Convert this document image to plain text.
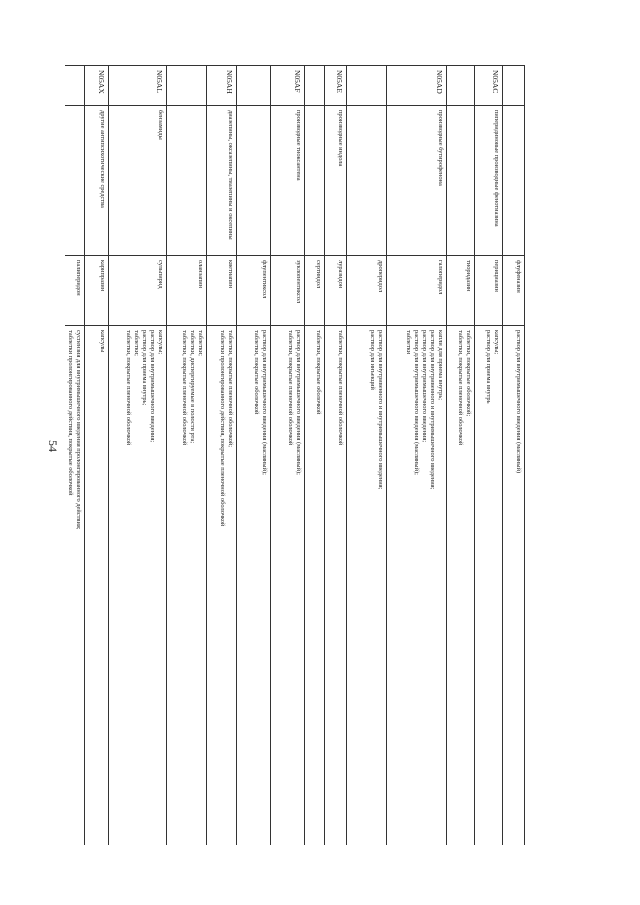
54
		флуфеназин	раствор для внутримышечного введения (масляный)

N05AC	пиперидиновые производные фенотиазина	перициазин	капсулы;
раствор для приема внутрь

		тиоридазин	таблетки, покрытые оболочкой;
таблетки, покрытые пленочной оболочкой

N05AD	производные бутирофенона	галоперидол	капли для приема внутрь;
раствор для внутривенного и внутримышечного введения;
раствор для внутримышечного введения;
раствор для внутримышечного введения (масляный);
таблетки

		дроперидол	раствор для внутривенного и внутримышечного введения;
раствор для инъекций

N05AE	производные индола	луразидон	таблетки, покрытые пленочной оболочкой

		сертиндол	таблетки, покрытые оболочкой

N05AF	производные тиоксантена	зуклопентиксол	раствор для внутримышечного введения (масляный);
таблетки, покрытые пленочной оболочкой

		флупентиксол	раствор для внутримышечного введения (масляный);
таблетки, покрытые оболочкой

N05AH	диазепины, оксазепины, тиазепины и оксепины	кветиапин	таблетки, покрытые пленочной оболочкой;
таблетки пролонгированного действия, покрытые пленочной оболочкой

		оланзапин	таблетки;
таблетки, диспергируемые в полости рта;
таблетки, покрытые пленочной оболочкой

N05AL	бензамиды	сульпирид	капсулы;
раствор для внутримышечного введения;
раствор для приема внутрь;
таблетки;
таблетки, покрытые пленочной оболочкой

N05AX	другие антипсихотические средства	карипразин	капсулы

		палиперидон	суспензия для внутримышечного введения пролонгированного действия;
таблетки пролонгированного действия, покрытые оболочкой
